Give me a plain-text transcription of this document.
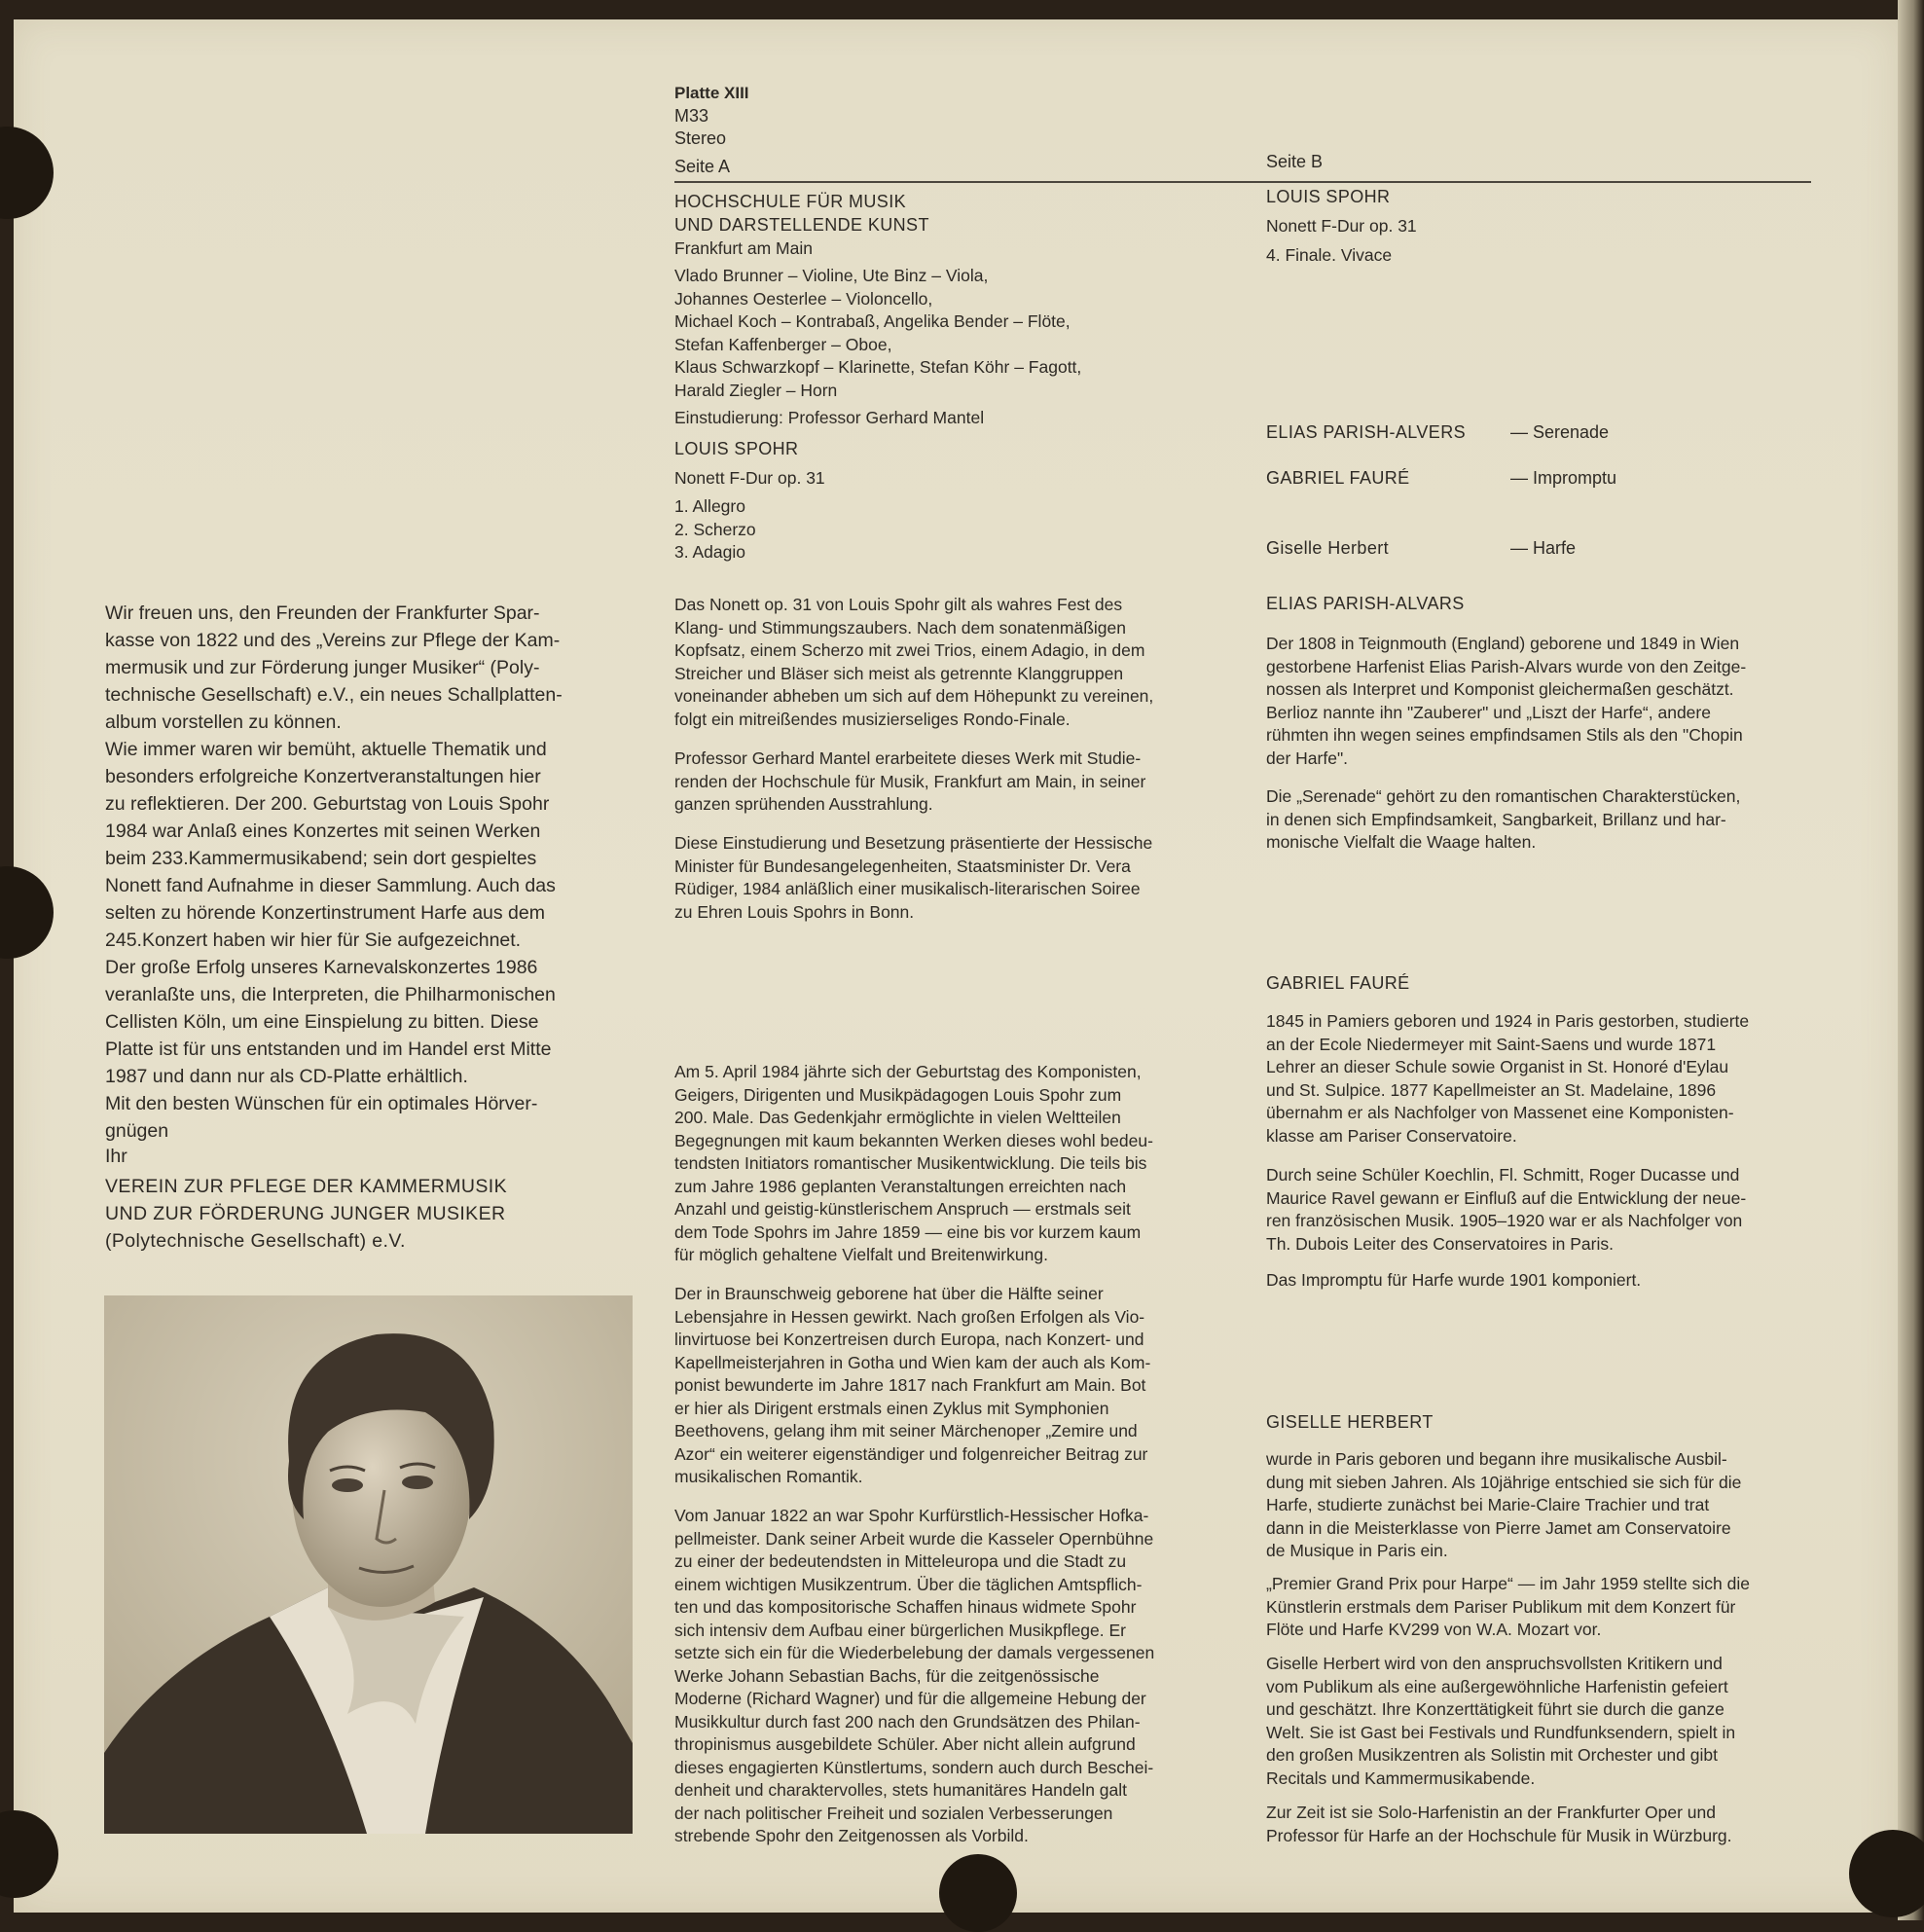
Platte XIII
M33
Stereo
Seite A	Seite B

Wir freuen uns, den Freunden der Frankfurter Spar-

kasse von 1822 und des „Vereins zur Pflege der Kam-

mermusik und zur Förderung junger Musiker“ (Poly-

technische Gesellschaft) e.V., ein neues Schallplatten-

album vorstellen zu können.

Wie immer waren wir bemüht, aktuelle Thematik und

besonders erfolgreiche Konzertveranstaltungen hier

zu reflektieren. Der 200. Geburtstag von Louis Spohr

1984 war Anlaß eines Konzertes mit seinen Werken

beim 233.Kammermusikabend; sein dort gespieltes

Nonett fand Aufnahme in dieser Sammlung. Auch das

selten zu hörende Konzertinstrument Harfe aus dem

245.Konzert haben wir hier für Sie aufgezeichnet.

Der große Erfolg unseres Karnevalskonzertes 1986

veranlaßte uns, die Interpreten, die Philharmonischen

Cellisten Köln, um eine Einspielung zu bitten. Diese

Platte ist für uns entstanden und im Handel erst Mitte

1987 und dann nur als CD-Platte erhältlich.

Mit den besten Wünschen für ein optimales Hörver-

gnügen

Ihr

VEREIN ZUR PFLEGE DER KAMMERMUSIK

UND ZUR FÖRDERUNG JUNGER MUSIKER

(Polytechnische Gesellschaft) e.V.

HOCHSCHULE FÜR MUSIK

UND DARSTELLENDE KUNST

Frankfurt am Main

Vlado Brunner – Violine, Ute Binz – Viola,

Johannes Oesterlee – Violoncello,

Michael Koch – Kontrabaß, Angelika Bender – Flöte,

Stefan Kaffenberger – Oboe,

Klaus Schwarzkopf – Klarinette, Stefan Köhr – Fagott,

Harald Ziegler – Horn

Einstudierung: Professor Gerhard Mantel
LOUIS SPOHR
Nonett F-Dur op. 31

1. Allegro

2. Scherzo

3. Adagio

Das Nonett op. 31 von Louis Spohr gilt als wahres Fest des

Klang- und Stimmungszaubers. Nach dem sonatenmäßigen

Kopfsatz, einem Scherzo mit zwei Trios, einem Adagio, in dem

Streicher und Bläser sich meist als getrennte Klanggruppen

voneinander abheben um sich auf dem Höhepunkt zu vereinen,

folgt ein mitreißendes musizierseliges Rondo-Finale.

Professor Gerhard Mantel erarbeitete dieses Werk mit Studie-

renden der Hochschule für Musik, Frankfurt am Main, in seiner

ganzen sprühenden Ausstrahlung.

Diese Einstudierung und Besetzung präsentierte der Hessische

Minister für Bundesangelegenheiten, Staatsminister Dr. Vera

Rüdiger, 1984 anläßlich einer musikalisch-literarischen Soiree

zu Ehren Louis Spohrs in Bonn.

Am 5. April 1984 jährte sich der Geburtstag des Komponisten,

Geigers, Dirigenten und Musikpädagogen Louis Spohr zum

200. Male. Das Gedenkjahr ermöglichte in vielen Weltteilen

Begegnungen mit kaum bekannten Werken dieses wohl bedeu-

tendsten Initiators romantischer Musikentwicklung. Die teils bis

zum Jahre 1986 geplanten Veranstaltungen erreichten nach

Anzahl und geistig-künstlerischem Anspruch — erstmals seit

dem Tode Spohrs im Jahre 1859 — eine bis vor kurzem kaum

für möglich gehaltene Vielfalt und Breitenwirkung.

Der in Braunschweig geborene hat über die Hälfte seiner

Lebensjahre in Hessen gewirkt. Nach großen Erfolgen als Vio-

linvirtuose bei Konzertreisen durch Europa, nach Konzert- und

Kapellmeisterjahren in Gotha und Wien kam der auch als Kom-

ponist bewunderte im Jahre 1817 nach Frankfurt am Main. Bot

er hier als Dirigent erstmals einen Zyklus mit Symphonien

Beethovens, gelang ihm mit seiner Märchenoper „Zemire und

Azor“ ein weiterer eigenständiger und folgenreicher Beitrag zur

musikalischen Romantik.

Vom Januar 1822 an war Spohr Kurfürstlich-Hessischer Hofka-

pellmeister. Dank seiner Arbeit wurde die Kasseler Opernbühne

zu einer der bedeutendsten in Mitteleuropa und die Stadt zu

einem wichtigen Musikzentrum. Über die täglichen Amtspflich-

ten und das kompositorische Schaffen hinaus widmete Spohr

sich intensiv dem Aufbau einer bürgerlichen Musikpflege. Er

setzte sich ein für die Wiederbelebung der damals vergessenen

Werke Johann Sebastian Bachs, für die zeitgenössische

Moderne (Richard Wagner) und für die allgemeine Hebung der

Musikkultur durch fast 200 nach den Grundsätzen des Philan-

thropinismus ausgebildete Schüler. Aber nicht allein aufgrund

dieses engagierten Künstlertums, sondern auch durch Beschei-

denheit und charaktervolles, stets humanitäres Handeln galt

der nach politischer Freiheit und sozialen Verbesserungen

strebende Spohr den Zeitgenossen als Vorbild.

LOUIS SPOHR
Nonett F-Dur op. 31
4. Finale. Vivace
ELIAS PARISH-ALVERS	— Serenade
GABRIEL FAURÉ	— Impromptu
Giselle Herbert	— Harfe
ELIAS PARISH-ALVARS

Der 1808 in Teignmouth (England) geborene und 1849 in Wien

gestorbene Harfenist Elias Parish-Alvars wurde von den Zeitge-

nossen als Interpret und Komponist gleichermaßen geschätzt.

Berlioz nannte ihn "Zauberer" und „Liszt der Harfe“, andere

rühmten ihn wegen seines empfindsamen Stils als den "Chopin

der Harfe".

Die „Serenade“ gehört zu den romantischen Charakterstücken,

in denen sich Empfindsamkeit, Sangbarkeit, Brillanz und har-

monische Vielfalt die Waage halten.

GABRIEL FAURÉ

1845 in Pamiers geboren und 1924 in Paris gestorben, studierte

an der Ecole Niedermeyer mit Saint-Saens und wurde 1871

Lehrer an dieser Schule sowie Organist in St. Honoré d'Eylau

und St. Sulpice. 1877 Kapellmeister an St. Madelaine, 1896

übernahm er als Nachfolger von Massenet eine Komponisten-

klasse am Pariser Conservatoire.

Durch seine Schüler Koechlin, Fl. Schmitt, Roger Ducasse und

Maurice Ravel gewann er Einfluß auf die Entwicklung der neue-

ren französischen Musik. 1905–1920 war er als Nachfolger von

Th. Dubois Leiter des Conservatoires in Paris.

Das Impromptu für Harfe wurde 1901 komponiert.
GISELLE HERBERT

wurde in Paris geboren und begann ihre musikalische Ausbil-

dung mit sieben Jahren. Als 10jährige entschied sie sich für die

Harfe, studierte zunächst bei Marie-Claire Trachier und trat

dann in die Meisterklasse von Pierre Jamet am Conservatoire

de Musique in Paris ein.

„Premier Grand Prix pour Harpe“ — im Jahr 1959 stellte sich die

Künstlerin erstmals dem Pariser Publikum mit dem Konzert für

Flöte und Harfe KV299 von W.A. Mozart vor.

Giselle Herbert wird von den anspruchsvollsten Kritikern und

vom Publikum als eine außergewöhnliche Harfenistin gefeiert

und geschätzt. Ihre Konzerttätigkeit führt sie durch die ganze

Welt. Sie ist Gast bei Festivals und Rundfunksendern, spielt in

den großen Musikzentren als Solistin mit Orchester und gibt

Recitals und Kammermusikabende.

Zur Zeit ist sie Solo-Harfenistin an der Frankfurter Oper und

Professor für Harfe an der Hochschule für Musik in Würzburg.
